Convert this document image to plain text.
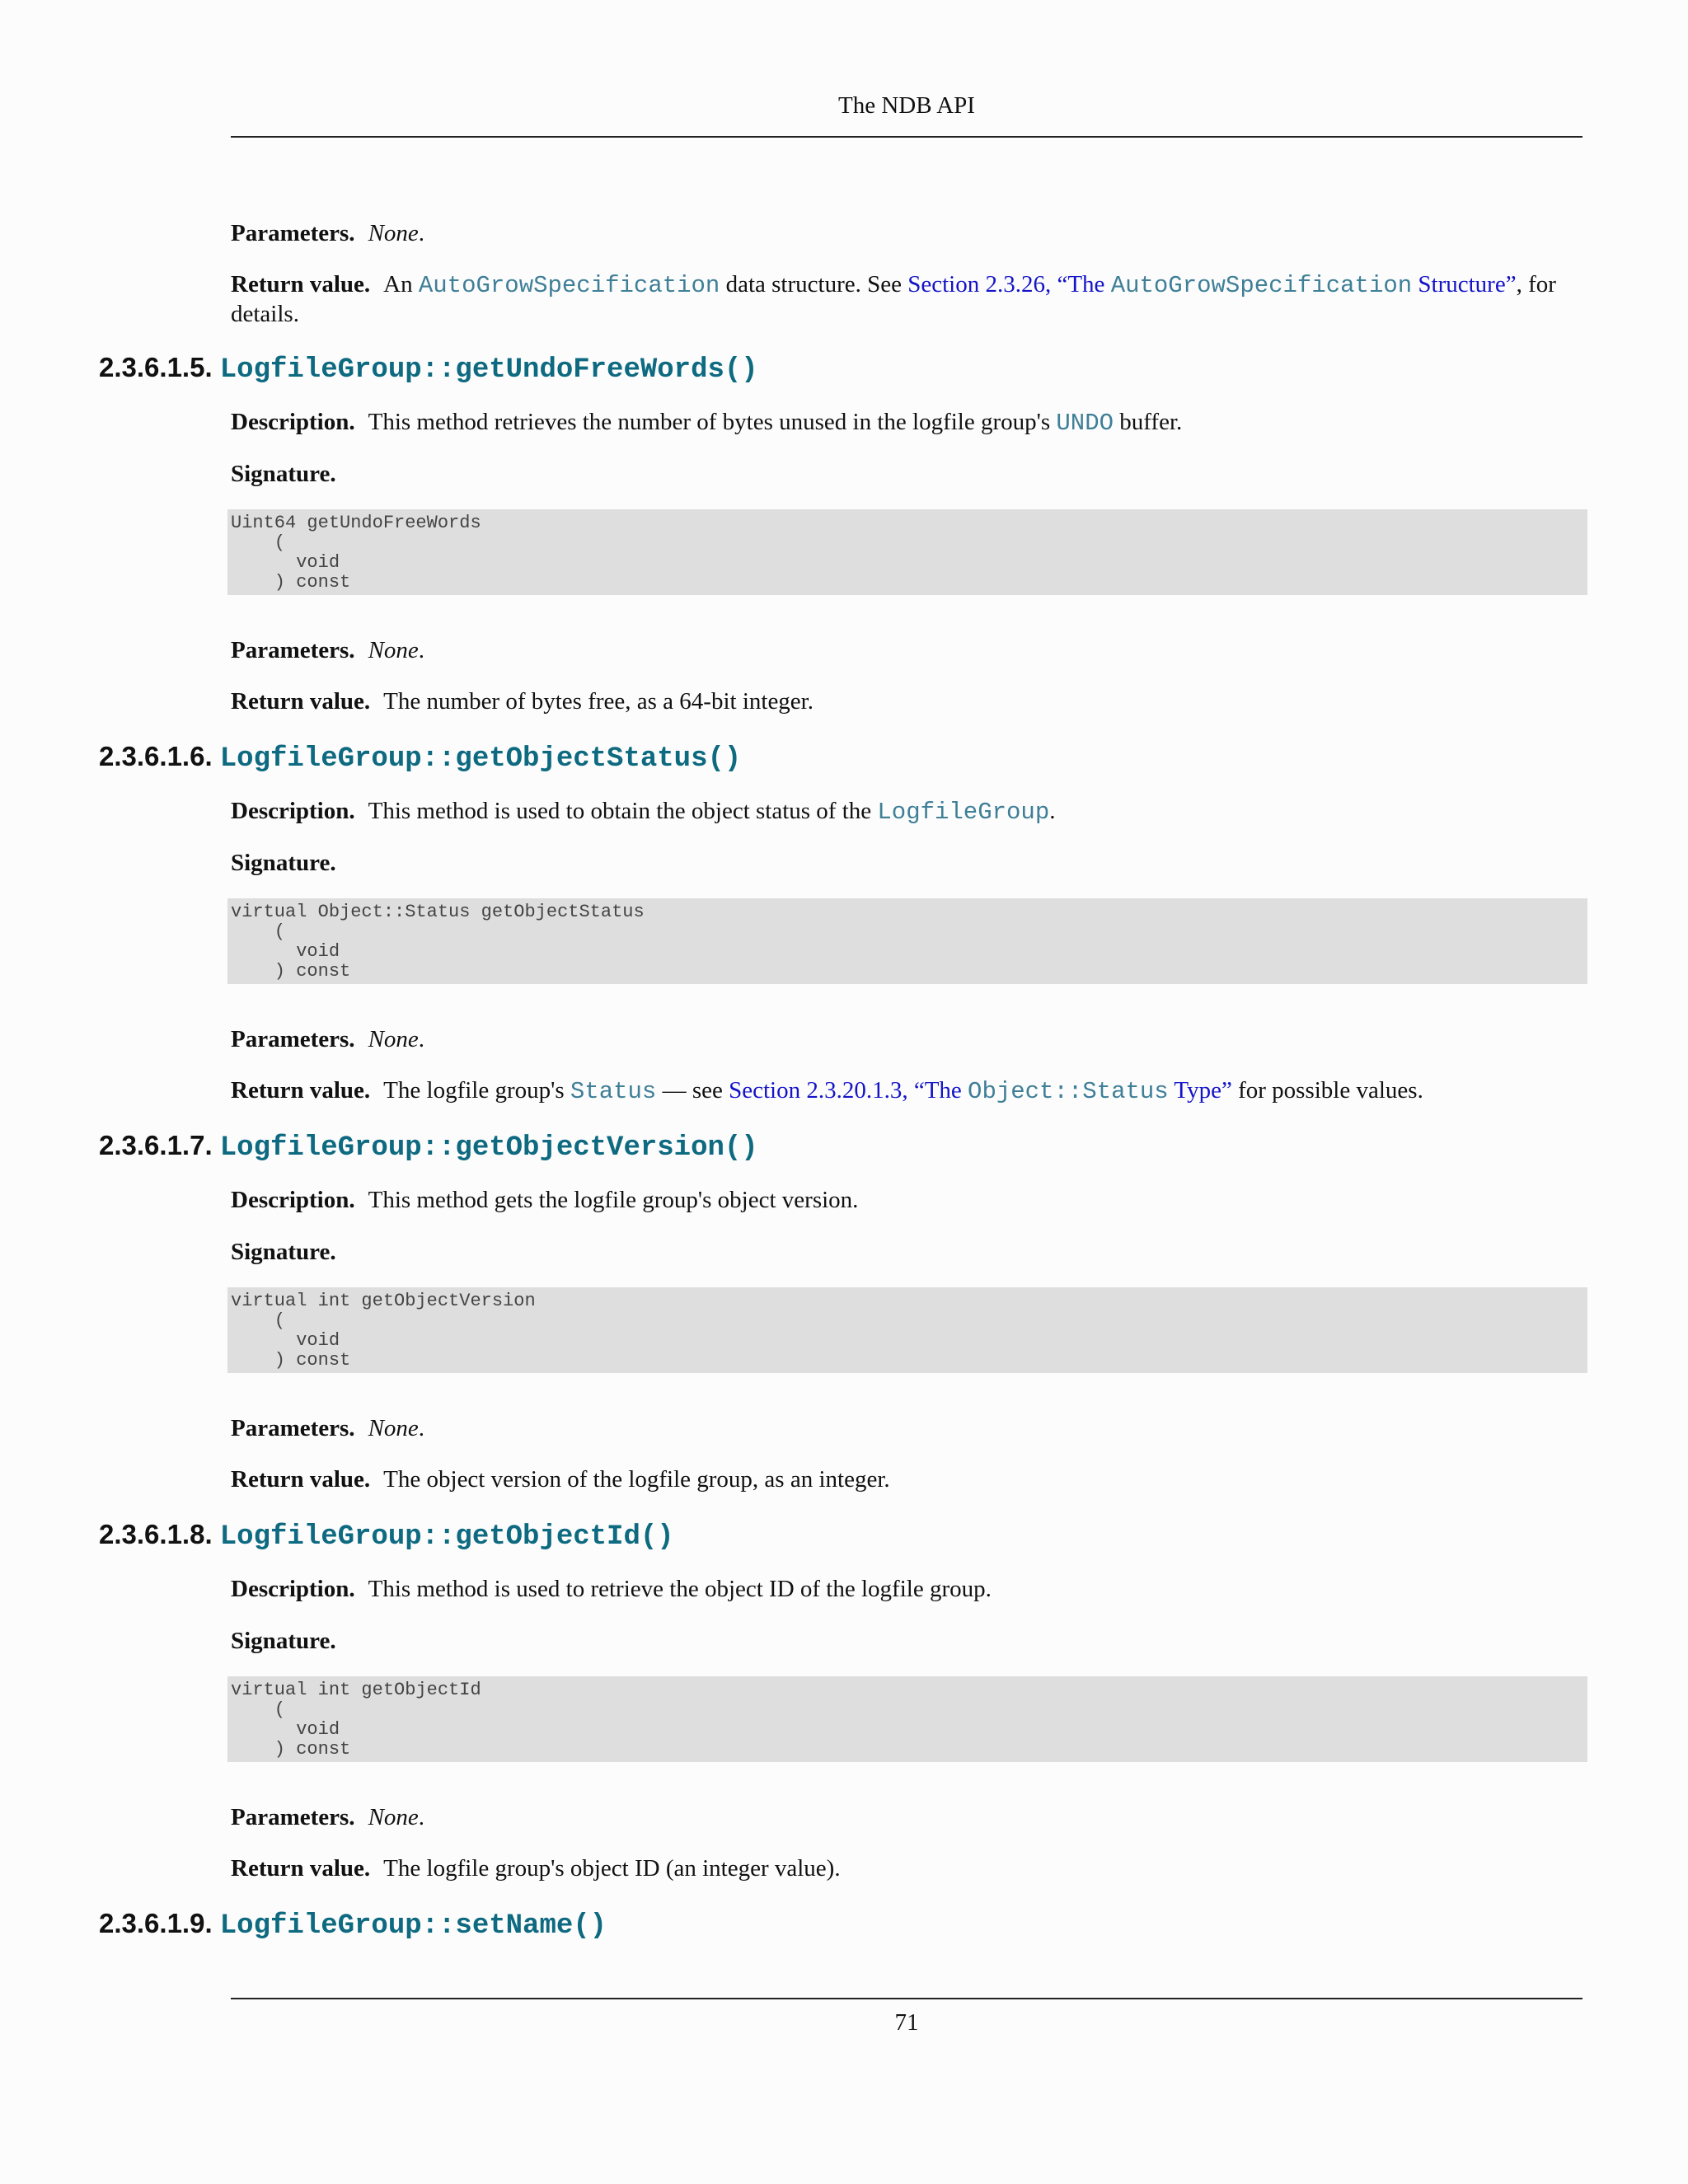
The NDB API

Parameters. None.

Return value. An AutoGrowSpecification data structure. See Section 2.3.26, “The AutoGrowSpecification Structure”, for details.

2.3.6.1.5. LogfileGroup::getUndoFreeWords()

Description. This method retrieves the number of bytes unused in the logfile group's UNDO buffer.

Signature.

Uint64 getUndoFreeWords
(
void
) const

Parameters. None.

Return value. The number of bytes free, as a 64-bit integer.

2.3.6.1.6. LogfileGroup::getObjectStatus()

Description. This method is used to obtain the object status of the LogfileGroup.

Signature.

virtual Object::Status getObjectStatus
(
void
) const

Parameters. None.

Return value. The logfile group's Status — see Section 2.3.20.1.3, “The Object::Status Type” for possible values.

2.3.6.1.7. LogfileGroup::getObjectVersion()

Description. This method gets the logfile group's object version.

Signature.

virtual int getObjectVersion
(
void
) const

Parameters. None.

Return value. The object version of the logfile group, as an integer.

2.3.6.1.8. LogfileGroup::getObjectId()

Description. This method is used to retrieve the object ID of the logfile group.

Signature.

virtual int getObjectId
(
void
) const

Parameters. None.

Return value. The logfile group's object ID (an integer value).

2.3.6.1.9. LogfileGroup::setName()
71
